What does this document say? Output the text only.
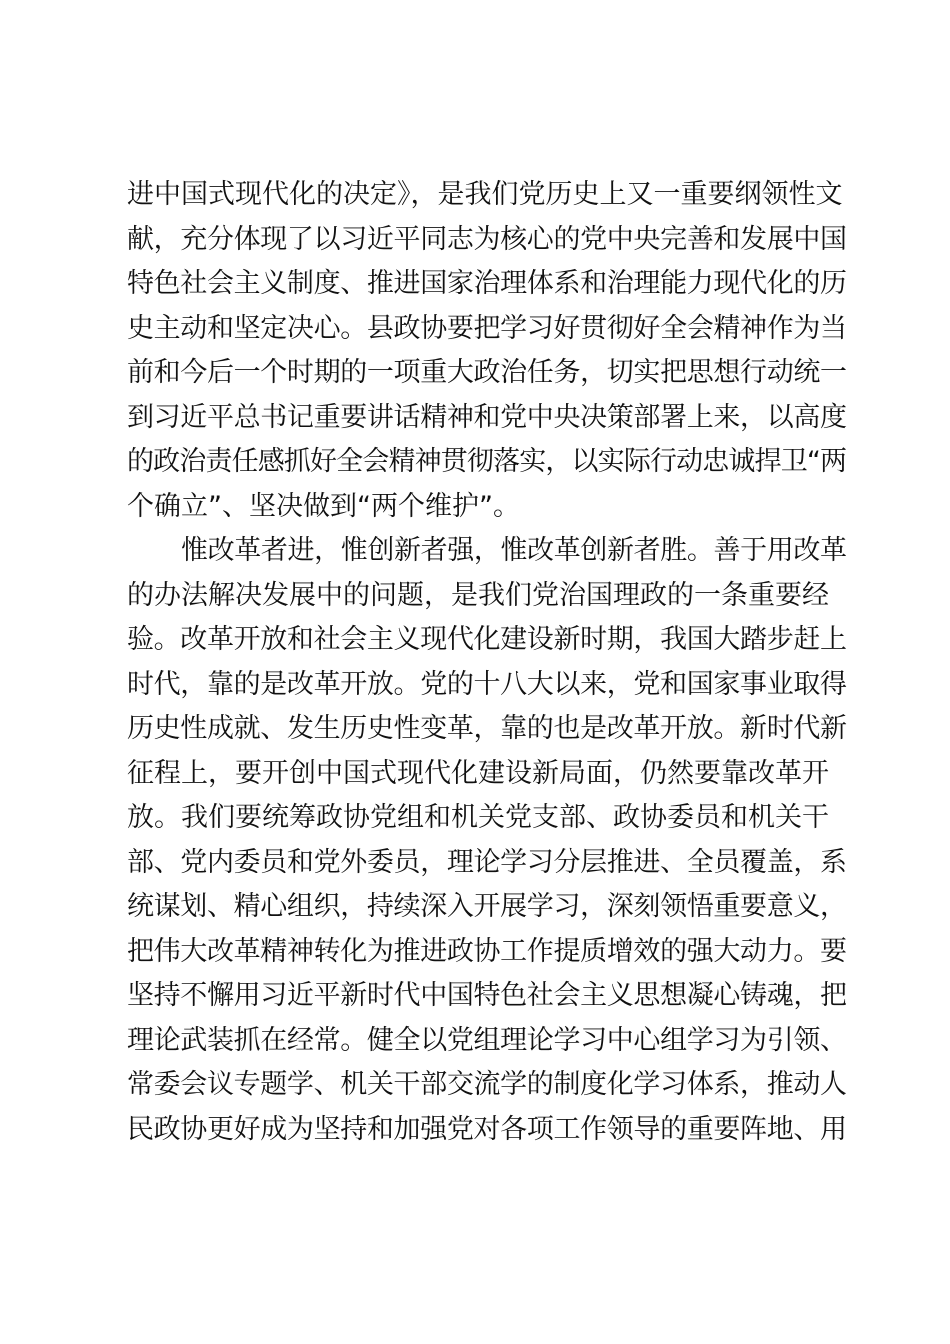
进中国式现代化的决定》，是我们党历史上又一重要纲领性文
献，充分体现了以习近平同志为核心的党中央完善和发展中国
特色社会主义制度、推进国家治理体系和治理能力现代化的历
史主动和坚定决心。县政协要把学习好贯彻好全会精神作为当
前和今后一个时期的一项重大政治任务，切实把思想行动统一
到习近平总书记重要讲话精神和党中央决策部署上来，以高度
的政治责任感抓好全会精神贯彻落实，以实际行动忠诚捍卫“两
个确立”、坚决做到“两个维护”。
惟改革者进，惟创新者强，惟改革创新者胜。善于用改革
的办法解决发展中的问题，是我们党治国理政的一条重要经
验。改革开放和社会主义现代化建设新时期，我国大踏步赶上
时代，靠的是改革开放。党的十八大以来，党和国家事业取得
历史性成就、发生历史性变革，靠的也是改革开放。新时代新
征程上，要开创中国式现代化建设新局面，仍然要靠改革开
放。我们要统筹政协党组和机关党支部、政协委员和机关干
部、党内委员和党外委员，理论学习分层推进、全员覆盖，系
统谋划、精心组织，持续深入开展学习，深刻领悟重要意义，
把伟大改革精神转化为推进政协工作提质增效的强大动力。要
坚持不懈用习近平新时代中国特色社会主义思想凝心铸魂，把
理论武装抓在经常。健全以党组理论学习中心组学习为引领、
常委会议专题学、机关干部交流学的制度化学习体系，推动人
民政协更好成为坚持和加强党对各项工作领导的重要阵地、用
